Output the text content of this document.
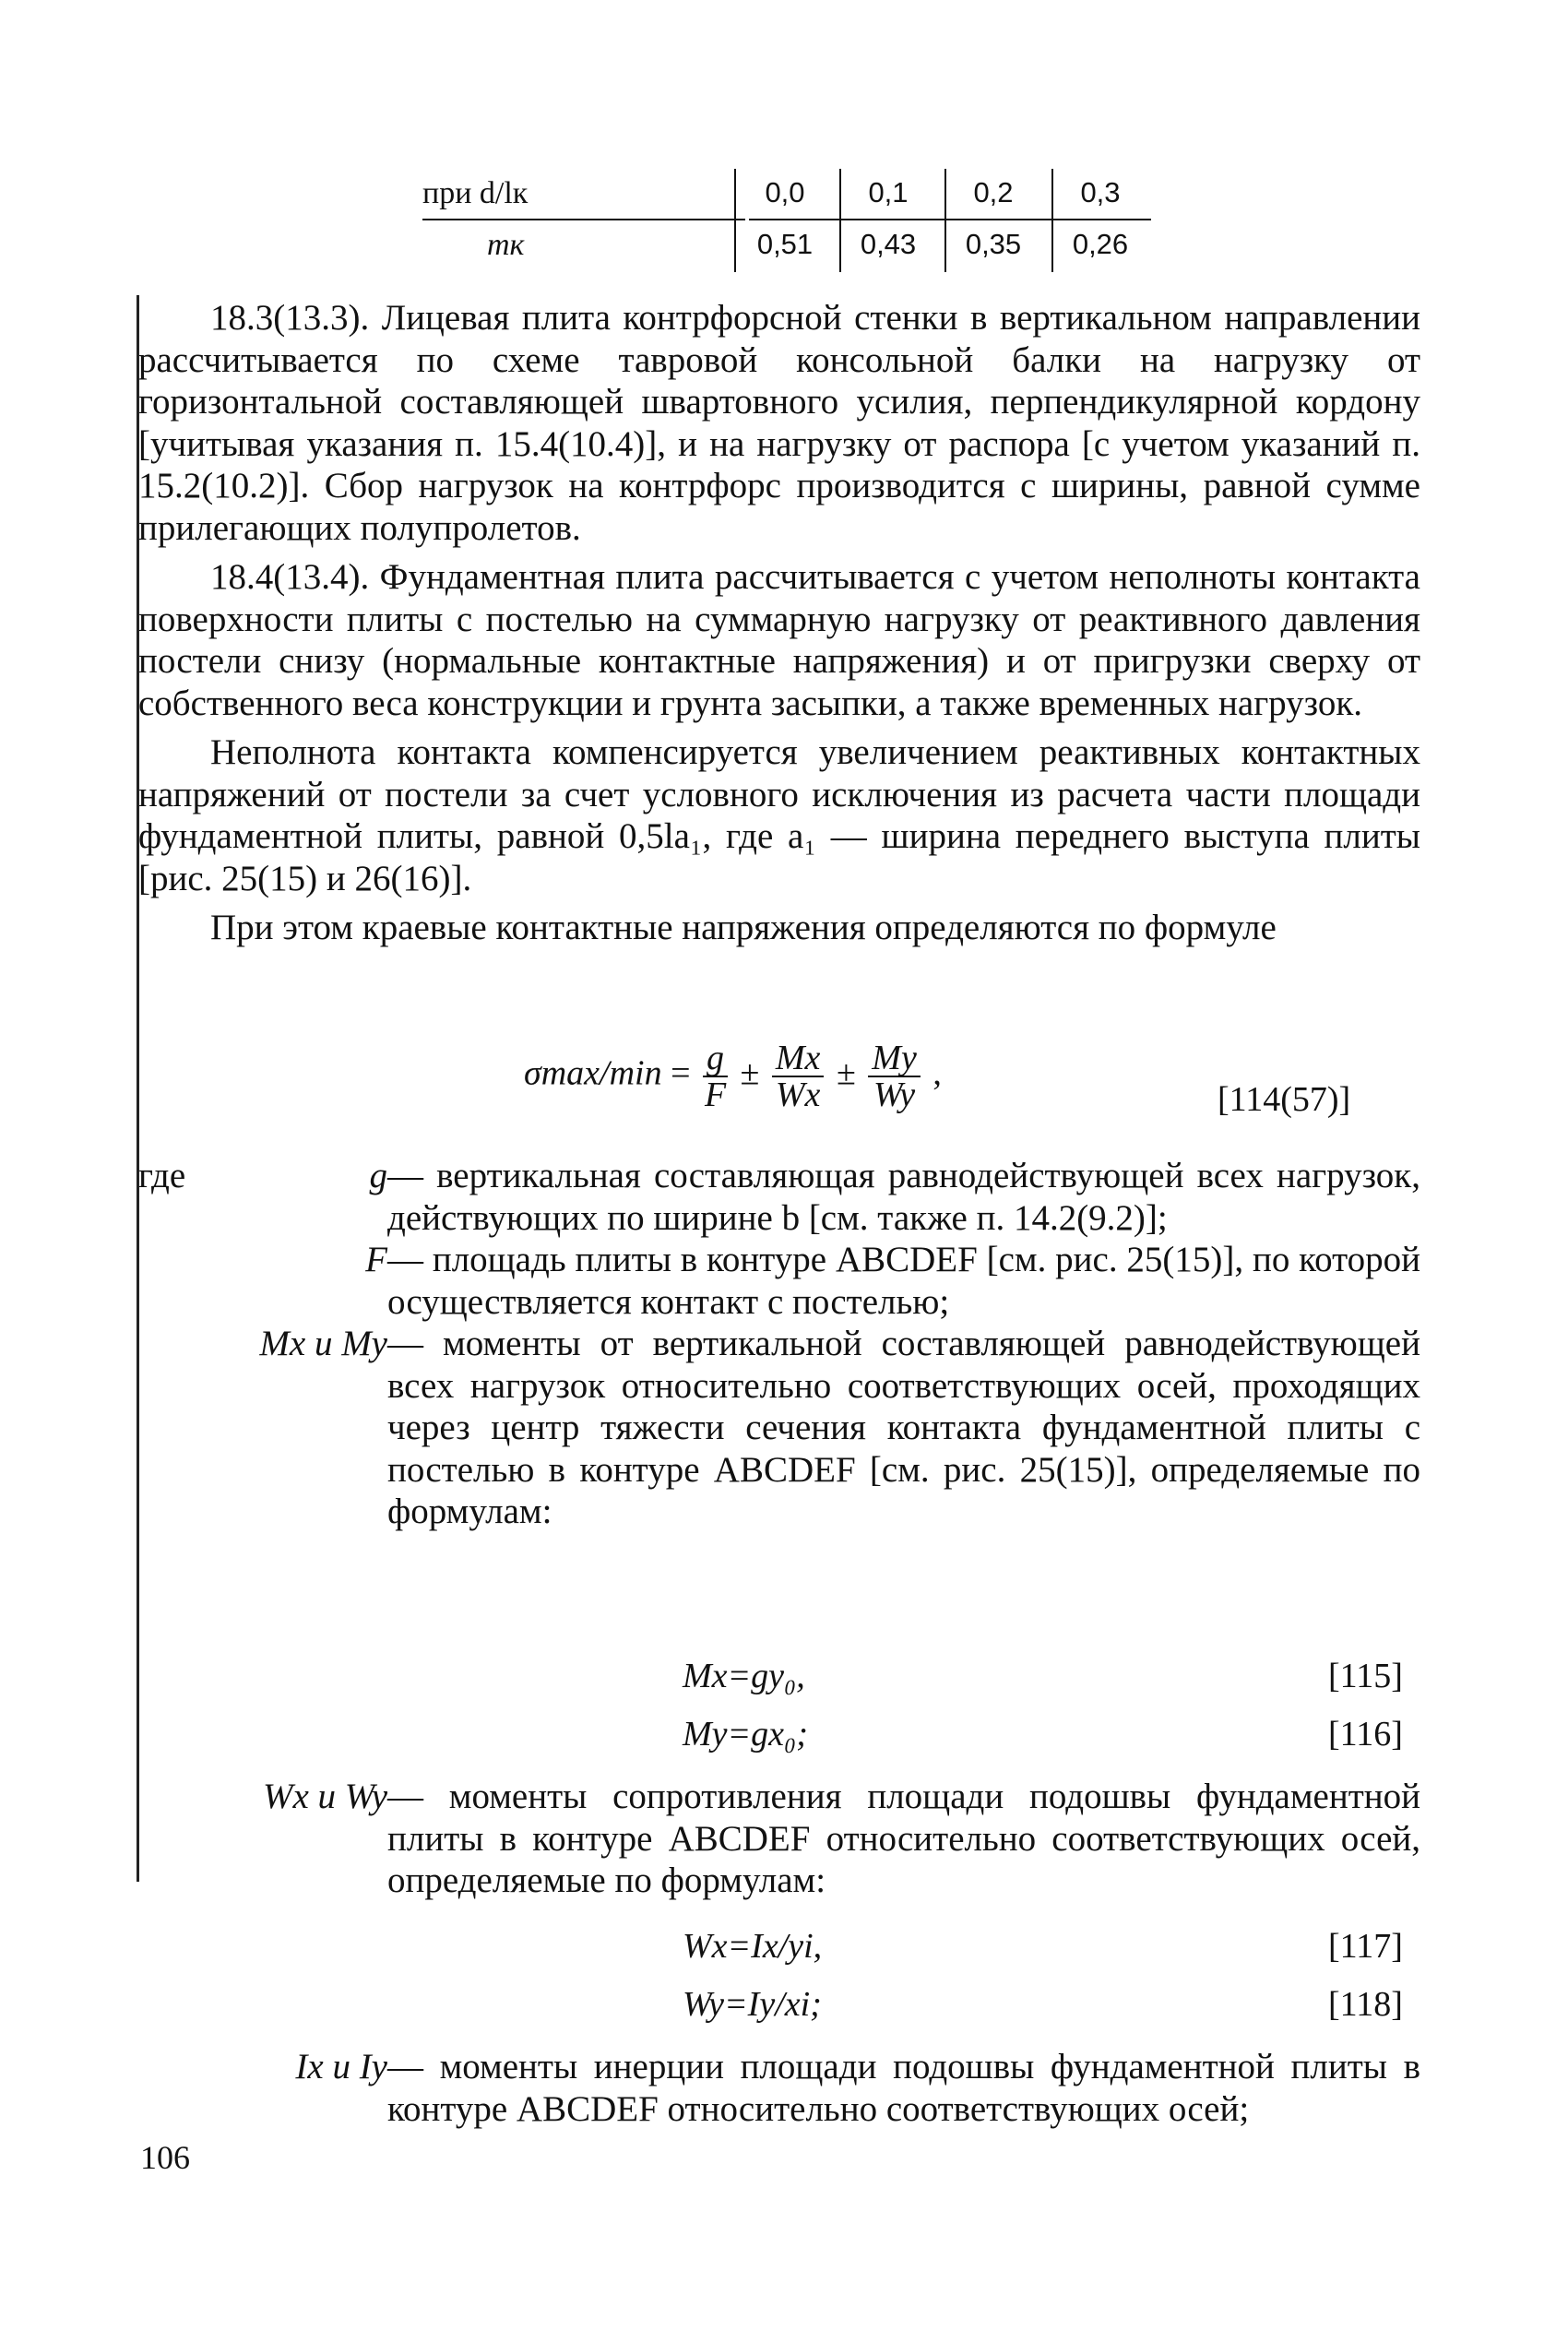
при d/lк	0,0	0,1	0,2	0,3
mк	0,51	0,43	0,35	0,26

18.3(13.3). Лицевая плита контрфорсной стенки в вертикальном направлении рассчитывается по схеме тавровой консольной балки на нагрузку от горизонтальной составляющей швартовного усилия, перпендикулярной кордону [учитывая указания п. 15.4(10.4)], и на нагрузку от распора [с учетом указаний п. 15.2(10.2)]. Сбор нагрузок на контрфорс производится с ширины, равной сумме прилегающих полупролетов.

18.4(13.4). Фундаментная плита рассчитывается с учетом неполноты контакта поверхности плиты с постелью на суммарную нагрузку от реактивного давления постели снизу (нормальные контактные напряжения) и от пригрузки сверху от собственного веса конструкции и грунта засыпки, а также временных нагрузок.

Неполнота контакта компенсируется увеличением реактивных контактных напряжений от постели за счет условного исключения из расчета части площади фундаментной плиты, равной 0,5la₁, где a₁ — ширина переднего выступа плиты [рис. 25(15) и 26(16)].

При этом краевые контактные напряжения определяются по формуле

$\sigma\max/\min = \frac{g}{F} \pm \frac{Mx}{Wx} \pm \frac{My}{Wy}$ ,
[114(57)]
где	g — вертикальная составляющая равнодействующей всех нагрузок, действующих по ширине b [см. также п. 14.2(9.2)];
F — площадь плиты в контуре ABCDEF [см. рис. 25(15)], по которой осуществляется контакт с постелью;
Mx и My — моменты от вертикальной составляющей равнодействующей всех нагрузок относительно соответствующих осей, проходящих через центр тяжести сечения контакта фундаментной плиты с постелью в контуре ABCDEF [см. рис. 25(15)], определяемые по формулам:
Mx=gy₀,	[115]
My=gx₀;	[116]
Wx и Wy — моменты сопротивления площади подошвы фундаментной плиты в контуре ABCDEF относительно соответствующих осей, определяемые по формулам:
Wx=Ix/yi,	[117]
Wy=Iy/xi;	[118]
Ix и Iy — моменты инерции площади подошвы фундаментной плиты в контуре ABCDEF относительно соответствующих осей;
106
